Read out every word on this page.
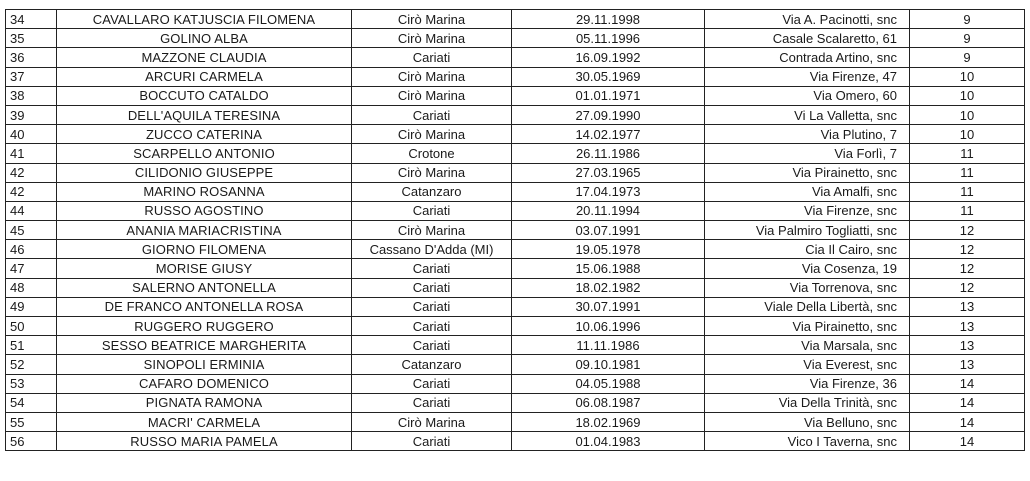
34	CAVALLARO KATJUSCIA FILOMENA	Cirò Marina	29.11.1998	Via A. Pacinotti, snc	9
35	GOLINO ALBA	Cirò Marina	05.11.1996	Casale Scalaretto, 61	9
36	MAZZONE CLAUDIA	Cariati	16.09.1992	Contrada Artino, snc	9
37	ARCURI CARMELA	Cirò Marina	30.05.1969	Via Firenze, 47	10
38	BOCCUTO CATALDO	Cirò Marina	01.01.1971	Via Omero, 60	10
39	DELL'AQUILA TERESINA	Cariati	27.09.1990	Vi La Valletta, snc	10
40	ZUCCO CATERINA	Cirò Marina	14.02.1977	Via Plutino, 7	10
41	SCARPELLO ANTONIO	Crotone	26.11.1986	Via Forlì, 7	11
42	CILIDONIO GIUSEPPE	Cirò Marina	27.03.1965	Via Pirainetto, snc	11
42	MARINO ROSANNA	Catanzaro	17.04.1973	Via Amalfi, snc	11
44	RUSSO AGOSTINO	Cariati	20.11.1994	Via Firenze, snc	11
45	ANANIA MARIACRISTINA	Cirò Marina	03.07.1991	Via Palmiro Togliatti, snc	12
46	GIORNO FILOMENA	Cassano D'Adda (MI)	19.05.1978	Cia Il Cairo, snc	12
47	MORISE GIUSY	Cariati	15.06.1988	Via Cosenza, 19	12
48	SALERNO ANTONELLA	Cariati	18.02.1982	Via Torrenova, snc	12
49	DE FRANCO ANTONELLA ROSA	Cariati	30.07.1991	Viale Della Libertà, snc	13
50	RUGGERO RUGGERO	Cariati	10.06.1996	Via Pirainetto, snc	13
51	SESSO BEATRICE MARGHERITA	Cariati	11.11.1986	Via Marsala, snc	13
52	SINOPOLI ERMINIA	Catanzaro	09.10.1981	Via Everest, snc	13
53	CAFARO DOMENICO	Cariati	04.05.1988	Via Firenze, 36	14
54	PIGNATA RAMONA	Cariati	06.08.1987	Via Della Trinità, snc	14
55	MACRI' CARMELA	Cirò Marina	18.02.1969	Via Belluno, snc	14
56	RUSSO MARIA PAMELA	Cariati	01.04.1983	Vico I Taverna, snc	14
